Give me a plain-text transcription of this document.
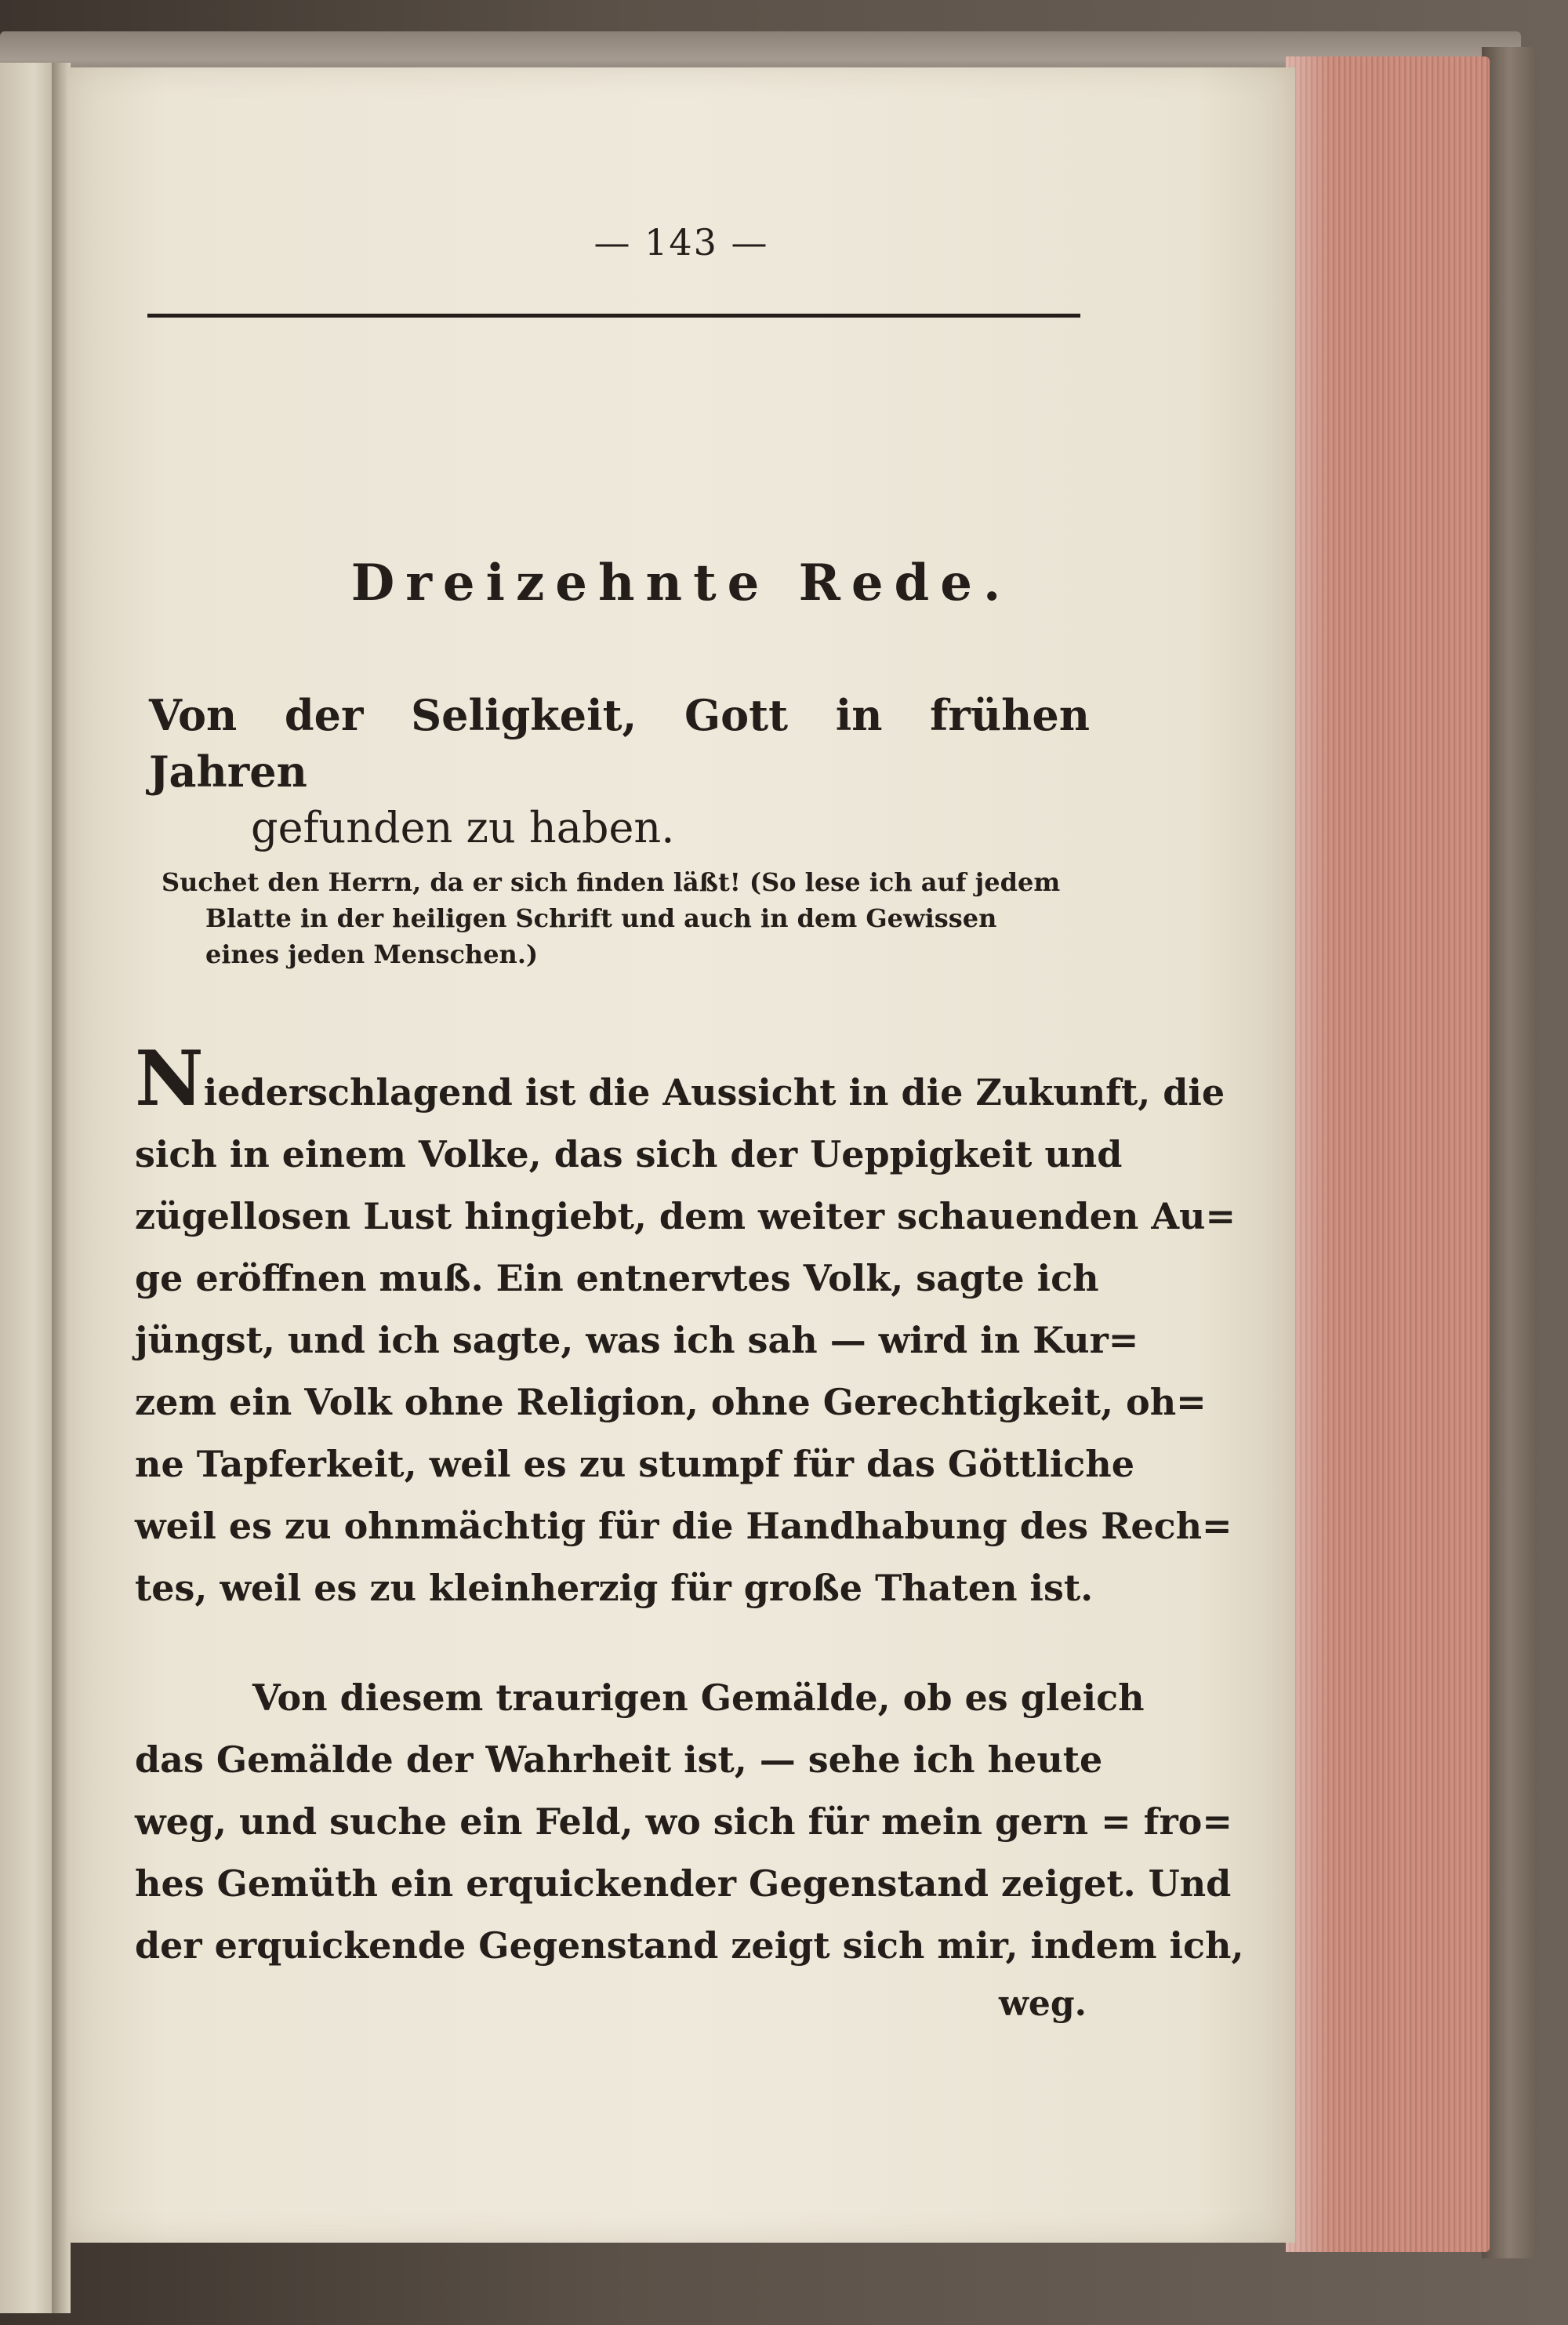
— 143 —
Dreizehnte Rede.
Von der Seligkeit, Gott in frühen Jahren
gefunden zu haben.
Suchet den Herrn, da er sich finden läßt! (So lese ich auf jedem
Blatte in der heiligen Schrift und auch in dem Gewissen
eines jeden Menschen.)
Niederschlagend ist die Aussicht in die Zukunft, die
sich in einem Volke, das sich der Ueppigkeit und
zügellosen Lust hingiebt, dem weiter schauenden Au=
ge eröffnen muß. Ein entnervtes Volk, sagte ich
jüngst, und ich sagte, was ich sah — wird in Kur=
zem ein Volk ohne Religion, ohne Gerechtigkeit, oh=
ne Tapferkeit, weil es zu stumpf für das Göttliche
weil es zu ohnmächtig für die Handhabung des Rech=
tes, weil es zu kleinherzig für große Thaten ist.
Von diesem traurigen Gemälde, ob es gleich
das Gemälde der Wahrheit ist, — sehe ich heute
weg, und suche ein Feld, wo sich für mein gern = fro=
hes Gemüth ein erquickender Gegenstand zeiget. Und
der erquickende Gegenstand zeigt sich mir, indem ich,
weg.
